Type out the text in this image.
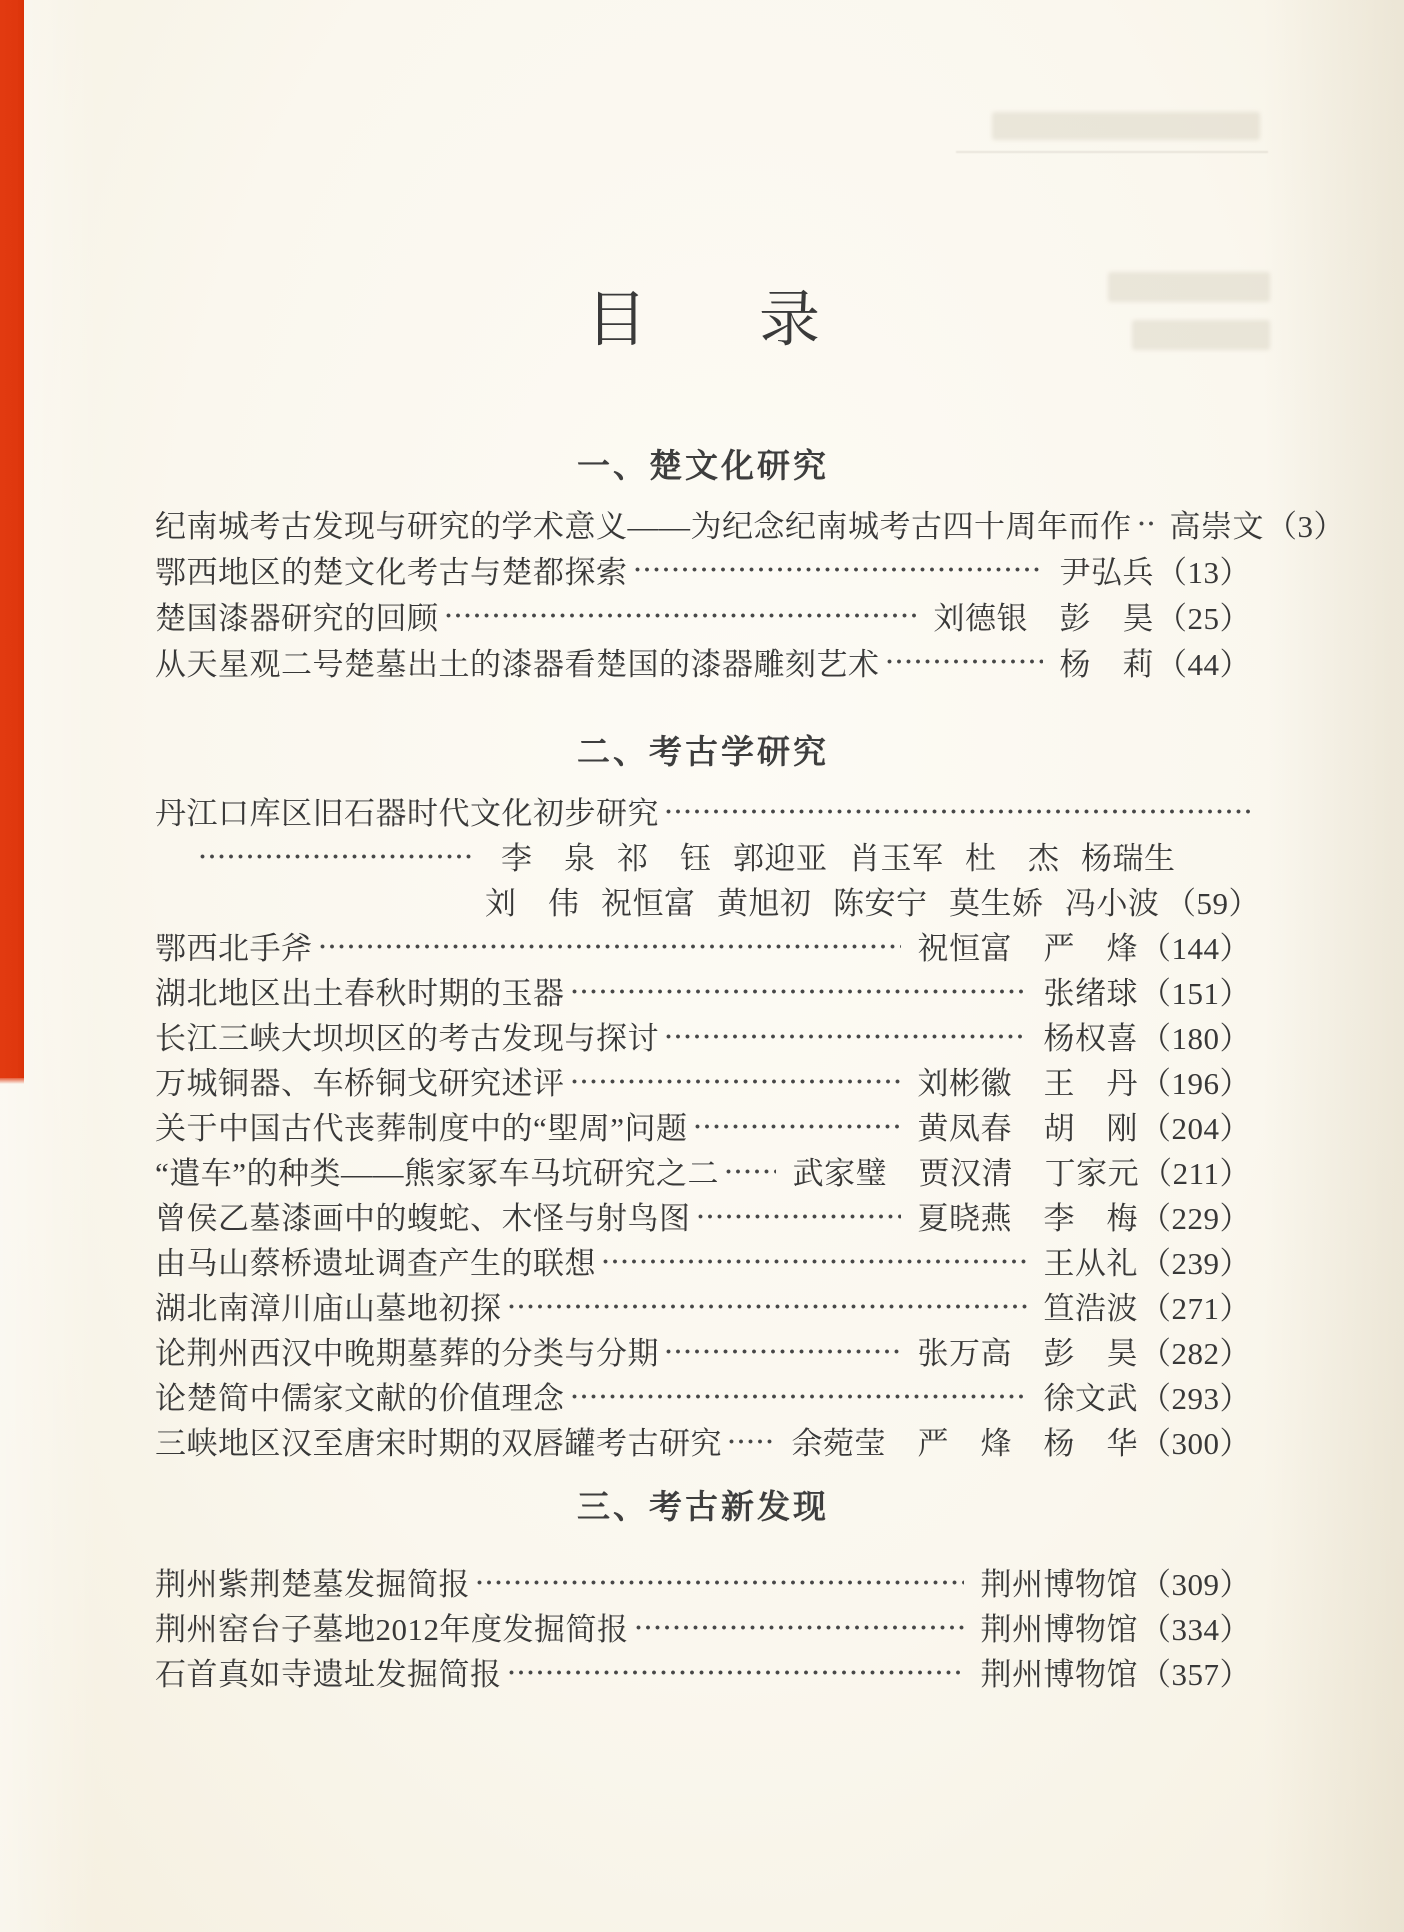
目 录
一、楚文化研究
纪南城考古发现与研究的学术意义——为纪念纪南城考古四十周年而作 高崇文 （3）
鄂西地区的楚文化考古与楚都探索	尹弘兵 （13）
楚国漆器研究的回顾	刘德银　彭　昊 （25）
从天星观二号楚墓出土的漆器看楚国的漆器雕刻艺术	杨　莉 （44）
二、考古学研究
丹江口库区旧石器时代文化初步研究
李　泉 祁　钰 郭迎亚 肖玉军 杜　杰 杨瑞生
刘　伟 祝恒富 黄旭初 陈安宁 莫生娇 冯小波 （59）
鄂西北手斧	祝恒富　严　烽 （144）
湖北地区出土春秋时期的玉器	张绪球 （151）
长江三峡大坝坝区的考古发现与探讨	杨权喜 （180）
万城铜器、车桥铜戈研究述评	刘彬徽　王　丹 （196）
关于中国古代丧葬制度中的“堲周”问题	黄凤春　胡　刚 （204）
“遣车”的种类——熊家冢车马坑研究之二 武家璧　贾汉清　丁家元 （211）
曾侯乙墓漆画中的蝮蛇、木怪与射鸟图	夏晓燕　李　梅 （229）
由马山蔡桥遗址调查产生的联想	王从礼 （239）
湖北南漳川庙山墓地初探	笪浩波 （271）
论荆州西汉中晚期墓葬的分类与分期	张万高　彭　昊 （282）
论楚简中儒家文献的价值理念	徐文武 （293）
三峡地区汉至唐宋时期的双唇罐考古研究 余菀莹　严　烽　杨　华 （300）
三、考古新发现
荆州紫荆楚墓发掘简报	荆州博物馆 （309）
荆州窑台子墓地2012年度发掘简报	荆州博物馆 （334）
石首真如寺遗址发掘简报	荆州博物馆 （357）
